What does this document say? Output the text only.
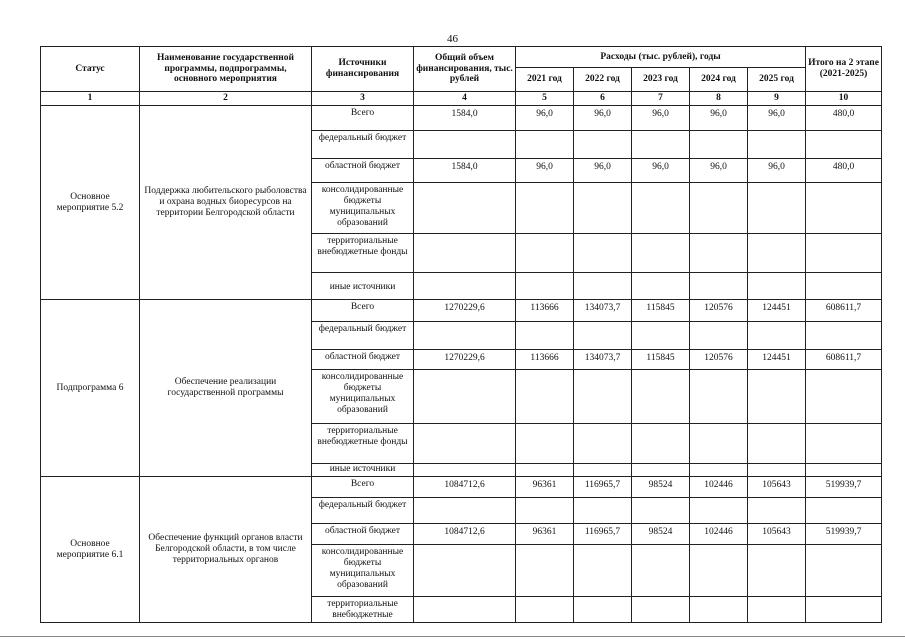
46
Статус	Наименование государственной программы, подпрограммы, основного мероприятия	Источники финансирования	Общий объем финансирования, тыс. рублей	Расходы (тыс. рублей), годы					Итого на 2 этапе (2021-2025)
				2021 год	2022 год	2023 год	2024 год	2025 год	
1	2	3	4	5	6	7	8	9	10
Основное мероприятие 5.2	Поддержка любительского рыболовства и охрана водных биоресурсов на территории Белгородской области	Всего	1584,0	96,0	96,0	96,0	96,0	96,0	480,0
		федеральный бюджет							
		областной бюджет	1584,0	96,0	96,0	96,0	96,0	96,0	480,0
		консолидированные бюджеты муниципальных образований							
		территориальные внебюджетные фонды							
		иные источники							
Подпрограмма 6	Обеспечение реализации государственной программы	Всего	1270229,6	113666	134073,7	115845	120576	124451	608611,7
		федеральный бюджет							
		областной бюджет	1270229,6	113666	134073,7	115845	120576	124451	608611,7
		консолидированные бюджеты муниципальных образований							
		территориальные внебюджетные фонды							
		иные источники							
Основное мероприятие 6.1	Обеспечение функций органов власти Белгородской области, в том числе территориальных органов	Всего	1084712,6	96361	116965,7	98524	102446	105643	519939,7
		федеральный бюджет							
		областной бюджет	1084712,6	96361	116965,7	98524	102446	105643	519939,7
		консолидированные бюджеты муниципальных образований							
		территориальные внебюджетные							
